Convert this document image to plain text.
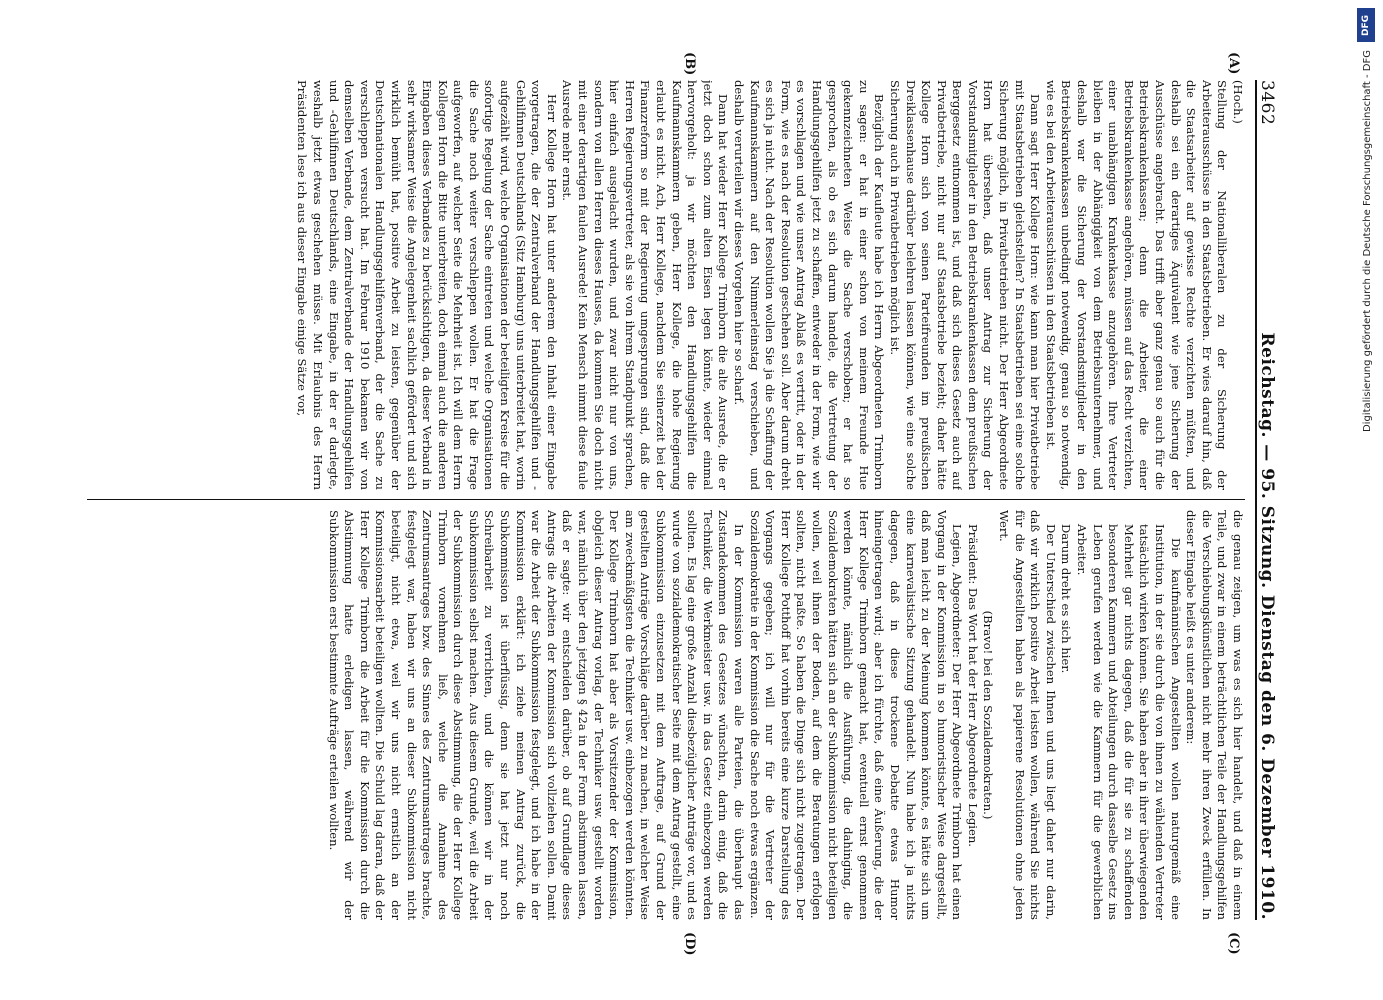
3462
Reichstag. — 95. Sitzung. Dienstag den 6. Dezember 1910.
(A)
(B)
(C)
(D)

(Hoch.)

Stellung der Nationalliberalen zu der Sicherung der Arbeiterausschüsse in den Staatsbetrieben. Er wies darauf hin, daß die Staatsarbeiter auf gewisse Rechte verzichten müßten, und deshalb sei ein derartiges Äquivalent wie jene Sicherung der Ausschüsse angebracht. Das trifft aber ganz genau so auch für die Betriebskrankenkassen; denn die Arbeiter, die einer Betriebskrankenkasse angehören, müssen auf das Recht verzichten, einer unabhängigen Krankenkasse anzugehören. Ihre Vertreter bleiben in der Abhängigkeit von dem Betriebsunternehmer, und deshalb war die Sicherung der Vorstandsmitglieder in den Betriebskrankenkassen unbedingt notwendig, genau so notwendig, wie es bei den Arbeiterausschüssen in den Staatsbetrieben ist.

Dann sagt Herr Kollege Horn: wie kann man hier Privatbetriebe mit Staatsbetrieben gleichstellen? In Staatsbetrieben sei eine solche Sicherung möglich, in Privatbetrieben nicht. Der Herr Abgeordnete Horn hat übersehen, daß unser Antrag zur Sicherung der Vorstandsmitglieder in den Betriebskrankenkassen dem preußischen Berggesetz entnommen ist, und daß sich dieses Gesetz auch auf Privatbetriebe, nicht nur auf Staatsbetriebe bezieht; daher hätte Kollege Horn sich von seinen Parteifreunden im preußischen Dreiklassenhause darüber belehren lassen können, wie eine solche Sicherung auch in Privatbetrieben möglich ist.

Bezüglich der Kaufleute habe ich Herrn Abgeordneten Trimborn zu sagen: er hat in einer schon von meinem Freunde Hue gekennzeichneten Weise die Sache verschoben; er hat so gesprochen, als ob es sich darum handele, die Vertretung der Handlungsgehilfen jetzt zu schaffen, entweder in der Form, wie wir es vorschlagen und wie unser Antrag Ablaß es vertritt, oder in der Form, wie es nach der Resolution geschehen soll. Aber darum dreht es sich ja nicht. Nach der Resolution wollen Sie ja die Schaffung der Kaufmannskammern auf den Nimmerleinstag verschieben, und deshalb verurteilen wir dieses Vorgehen hier so scharf.

Dann hat wieder Herr Kollege Trimborn die alte Ausrede, die er jetzt doch schon zum alten Eisen legen könnte, wieder einmal hervorgeholt: ja wir möchten den Handlungsgehilfen die Kaufmannskammern geben, Herr Kollege, die hohe Regierung erlaubt es nicht. Ach, Herr Kollege, nachdem Sie seinerzeit bei der Finanzreform so mit der Regierung umgesprungen sind, daß die Herren Regierungsvertreter, als sie von ihrem Standpunkt sprachen, hier einfach ausgelacht wurden, und zwar nicht nur von uns, sondern von allen Herren dieses Hauses, da kommen Sie doch nicht mit einer derartigen faulen Ausrede! Kein Mensch nimmt diese faule Ausrede mehr ernst.

Herr Kollege Horn hat unter anderem den Inhalt einer Eingabe vorgetragen, die der Zentralverband der Handlungsgehilfen und -Gehilfinnen Deutschlands (Sitz Hamburg) uns unterbreitet hat, worin aufgezählt wird, welche Organisationen der beteiligten Kreise für die sofortige Regelung der Sache eintreten und welche Organisationen die Sache noch weiter verschleppen wollen. Er hat die Frage aufgeworfen, auf welcher Seite die Mehrheit ist. Ich will dem Herrn Kollegen Horn die Bitte unterbreiten, doch einmal auch die anderen Eingaben dieses Verbandes zu berücksichtigen, da dieser Verband in sehr wirksamer Weise die Angelegenheit sachlich gefördert und sich wirklich bemüht hat, positive Arbeit zu leisten, gegenüber der Deutschnationalen Handlungsgehilfenverband, der die Sache zu verschleppen versucht hat. Im Februar 1910 bekamen wir von demselben Verbande, dem Zentralverbande der Handlungsgehilfen und -Gehilfinnen Deutschlands, eine Eingabe, in der er darlegte, weshalb jetzt etwas geschehen müsse. Mit Erlaubnis des Herrn Präsidenten lese ich aus dieser Eingabe einige Sätze vor,

die genau zeigen, um was es sich hier handelt, und daß in einem Teile, und zwar in einem beträchtlichen Teile der Handlungsgehilfen die Verschiebungskünstlichen nicht mehr ihren Zweck erfüllen. In dieser Eingabe heißt es unter anderem:

Die kaufmännischen Angestellten wollen naturgemäß eine Institution, in der sie durch die von ihnen zu wählenden Vertreter tatsächlich wirken können. Sie haben aber in ihrer überwiegenden Mehrheit gar nichts dagegen, daß die für sie zu schaffenden besonderen Kammern und Abteilungen durch dasselbe Gesetz ins Leben gerufen werden wie die Kammern für die gewerblichen Arbeiter.

Darum dreht es sich hier.

Der Unterschied zwischen Ihnen und uns liegt daher nur darin, daß wir wirklich positive Arbeit leisten wollen, während Sie nichts für die Angestellten haben als papierene Resolutionen ohne jeden Wert.

(Bravo! bei den Sozialdemokraten.)

Präsident: Das Wort hat der Herr Abgeordnete Legien.

Legien, Abgeordneter: Der Herr Abgeordnete Trimborn hat einen Vorgang in der Kommission in so humoristischer Weise dargestellt, daß man leicht zu der Meinung kommen könnte, es hätte sich um eine karnevalistische Sitzung gehandelt. Nun habe ich ja nichts dagegen, daß in diese trockene Debatte etwas Humor hineingetragen wird; aber ich fürchte, daß eine Äußerung, die der Herr Kollege Trimborn gemacht hat, eventuell ernst genommen werden könnte, nämlich die Ausführung, die dahinging, die Sozialdemokraten hätten sich an der Subkommission nicht beteiligen wollen, weil ihnen der Boden, auf dem die Beratungen erfolgen sollten, nicht paßte. So haben die Dinge sich nicht zugetragen. Der Herr Kollege Potthoff hat vorhin bereits eine kurze Darstellung des Vorgangs gegeben; ich will nur für die Vertreter der Sozialdemokratie in der Kommission die Sache noch etwas ergänzen.

In der Kommission waren alle Parteien, die überhaupt das Zustandekommen des Gesetzes wünschten, darin einig, daß die Techniker, die Werkmeister usw. in das Gesetz einbezogen werden sollten. Es lag eine große Anzahl diesbezüglicher Anträge vor, und es wurde von sozialdemokratischer Seite mit dem Antrag gestellt, eine Subkommission einzusetzen mit dem Auftrage, auf Grund der gestellten Anträge Vorschläge darüber zu machen, in welcher Weise am zweckmäßigsten die Techniker usw. einbezogen werden könnten. Der Kollege Trimborn hat aber als Vorsitzender der Kommission, obgleich dieser Antrag vorlag, der Techniker usw. gestellt worden war, nämlich über den jetzigen § 42a in der Form abstimmen lassen, daß er sagte: wir entscheiden darüber, ob auf Grundlage dieses Antrags die Arbeiten der Kommission sich vollziehen sollen. Damit war die Arbeit der Subkommission festgelegt, und ich habe in der Kommission erklärt: ich ziehe meinen Antrag zurück, die Subkommission ist überflüssig, denn sie hat jetzt nur noch Schreibarbeit zu verrichten, und die können wir in der Subkommission selbst machen. Aus diesem Grunde, weil die Arbeit der Subkommission durch diese Abstimmung, die der Herr Kollege Trimborn vornehmen ließ, welche die Annahme des Zentrumsantrages bzw. des Sinnes des Zentrumsantrages brachte, festgelegt war, haben wir uns an dieser Subkommission nicht beteiligt, nicht etwa, weil wir uns nicht ernstlich an der Kommissionsarbeit beteiligen wollten. Die Schuld lag daran, daß der Herr Kollege Trimborn die Arbeit für die Kommission durch die Abstimmung hatte erledigen lassen, während wir der Subkommission erst bestimmte Aufträge erteilen wollten.

DFG
Digitalisierung gefördert durch die Deutsche Forschungsgemeinschaft - DFG
